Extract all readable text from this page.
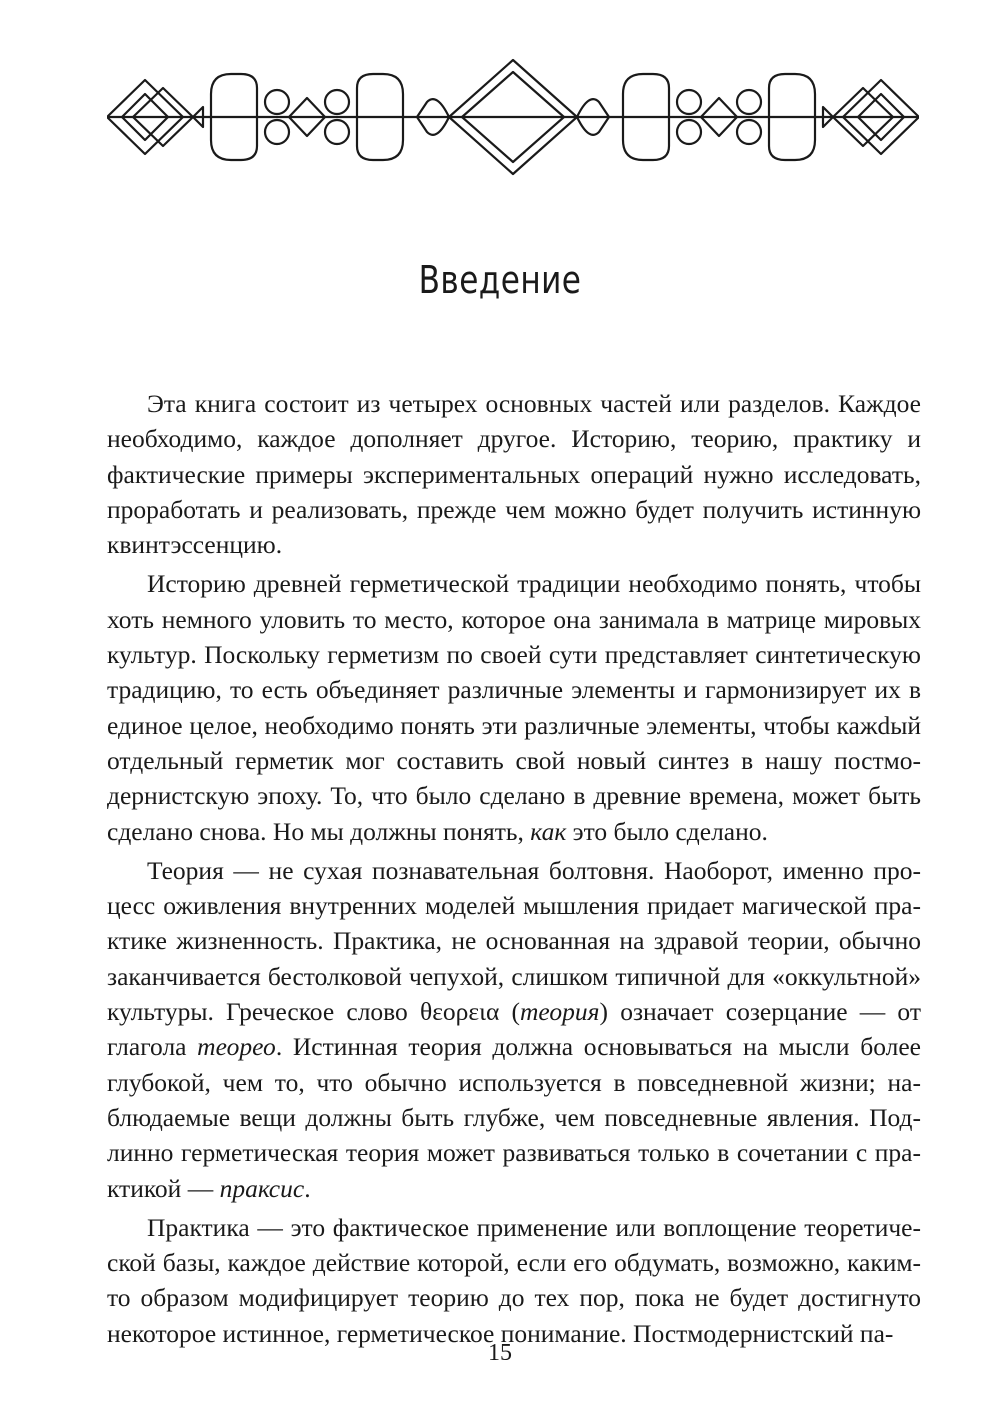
Введение

Эта книга состоит из четырех основных частей или разделов. Каждое необходимо, каждое дополняет другое. Историю, теорию, практику и фактические примеры экспериментальных операций нужно исследовать, проработать и реализовать, прежде чем можно будет получить истинную квинтэссенцию.

Историю древней герметической традиции необходимо понять, чтобы хоть немного уловить то место, которое она занимала в матрице мировых культур. Поскольку герметизм по своей сути представляет синтетическую традицию, то есть объединяет различные элементы и гармонизирует их в единое целое, необходимо понять эти различные элементы, чтобы кажdый отдельный герметик мог составить свой новый синтез в нашу постмодернистскую эпоху. То, что было сделано в древние времена, может быть сделано снова. Но мы должны понять, как это было сделано.

Теория — не сухая познавательная болтовня. Наоборот, именно процесс оживления внутренних моделей мышления придает магической практике жизненность. Практика, не основанная на здравой теории, обычно заканчивается бестолковой чепухой, слишком типичной для «оккультной» культуры. Греческое слово θεορεια (теория) означает созерцание — от глагола теорео. Истинная теория должна основываться на мысли более глубокой, чем то, что обычно используется в повседневной жизни; наблюдаемые вещи должны быть глубже, чем повседневные явления. Подлинно герметическая теория может развиваться только в сочетании с практикой — праксис.

Практика — это фактическое применение или воплощение теоретической базы, каждое действие которой, если его обдумать, возможно, каким-то образом модифицирует теорию до тех пор, пока не будет достигнуто некоторое истинное, герметическое понимание. Постмодернистский па-

15
